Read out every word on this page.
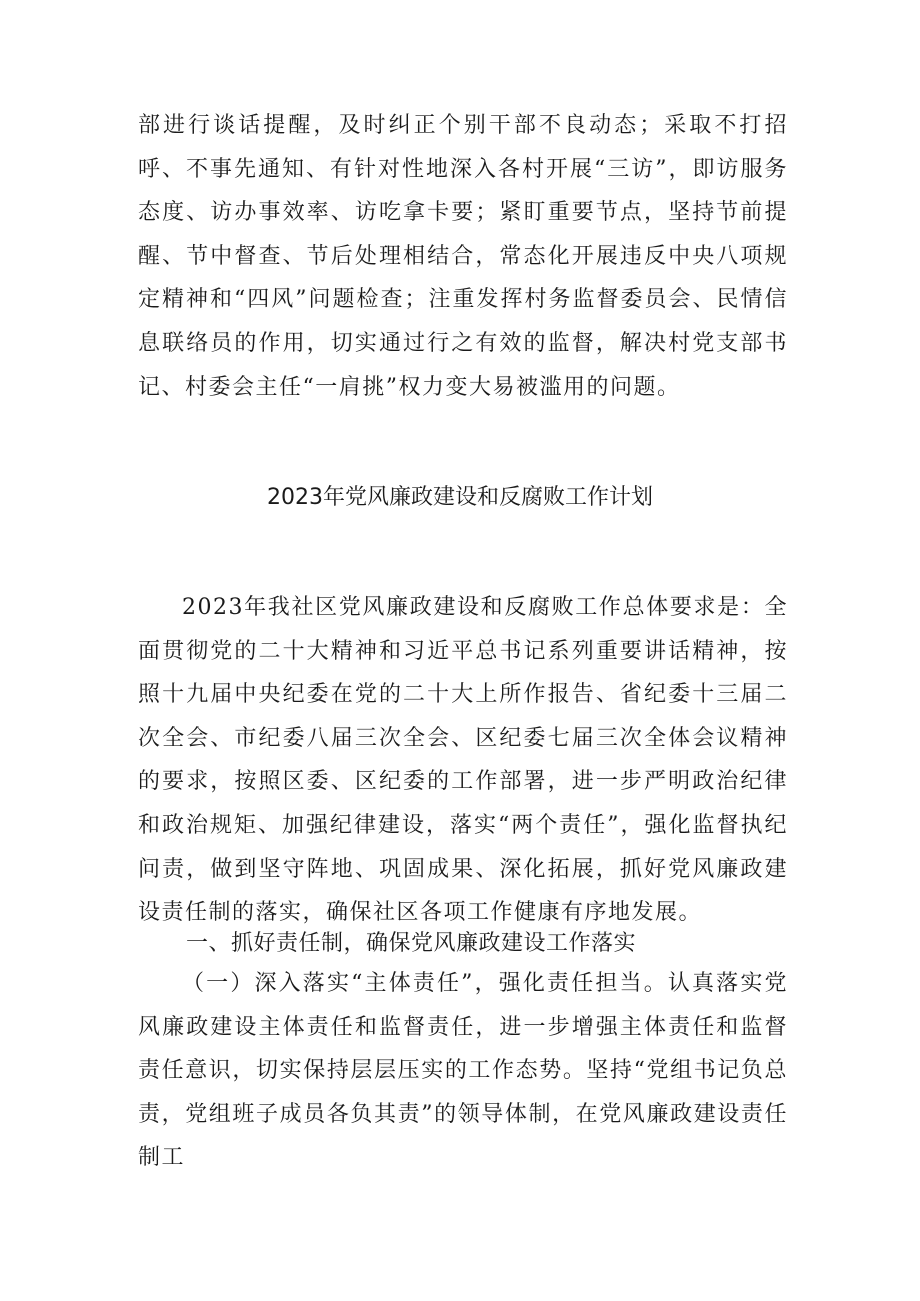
部进行谈话提醒，及时纠正个别干部不良动态；采取不打招呼、不事先通知、有针对性地深入各村开展“三访”，即访服务态度、访办事效率、访吃拿卡要；紧盯重要节点，坚持节前提醒、节中督查、节后处理相结合，常态化开展违反中央八项规定精神和“四风”问题检查；注重发挥村务监督委员会、民情信息联络员的作用，切实通过行之有效的监督，解决村党支部书记、村委会主任“一肩挑”权力变大易被滥用的问题。

2023年党风廉政建设和反腐败工作计划

2023年我社区党风廉政建设和反腐败工作总体要求是：全面贯彻党的二十大精神和习近平总书记系列重要讲话精神，按照十九届中央纪委在党的二十大上所作报告、省纪委十三届二次全会、市纪委八届三次全会、区纪委七届三次全体会议精神的要求，按照区委、区纪委的工作部署，进一步严明政治纪律和政治规矩、加强纪律建设，落实“两个责任”，强化监督执纪问责，做到坚守阵地、巩固成果、深化拓展，抓好党风廉政建设责任制的落实，确保社区各项工作健康有序地发展。

一、抓好责任制，确保党风廉政建设工作落实

（一）深入落实“主体责任”，强化责任担当。认真落实党风廉政建设主体责任和监督责任，进一步增强主体责任和监督责任意识，切实保持层层压实的工作态势。坚持“党组书记负总责，党组班子成员各负其责”的领导体制，在党风廉政建设责任制工
